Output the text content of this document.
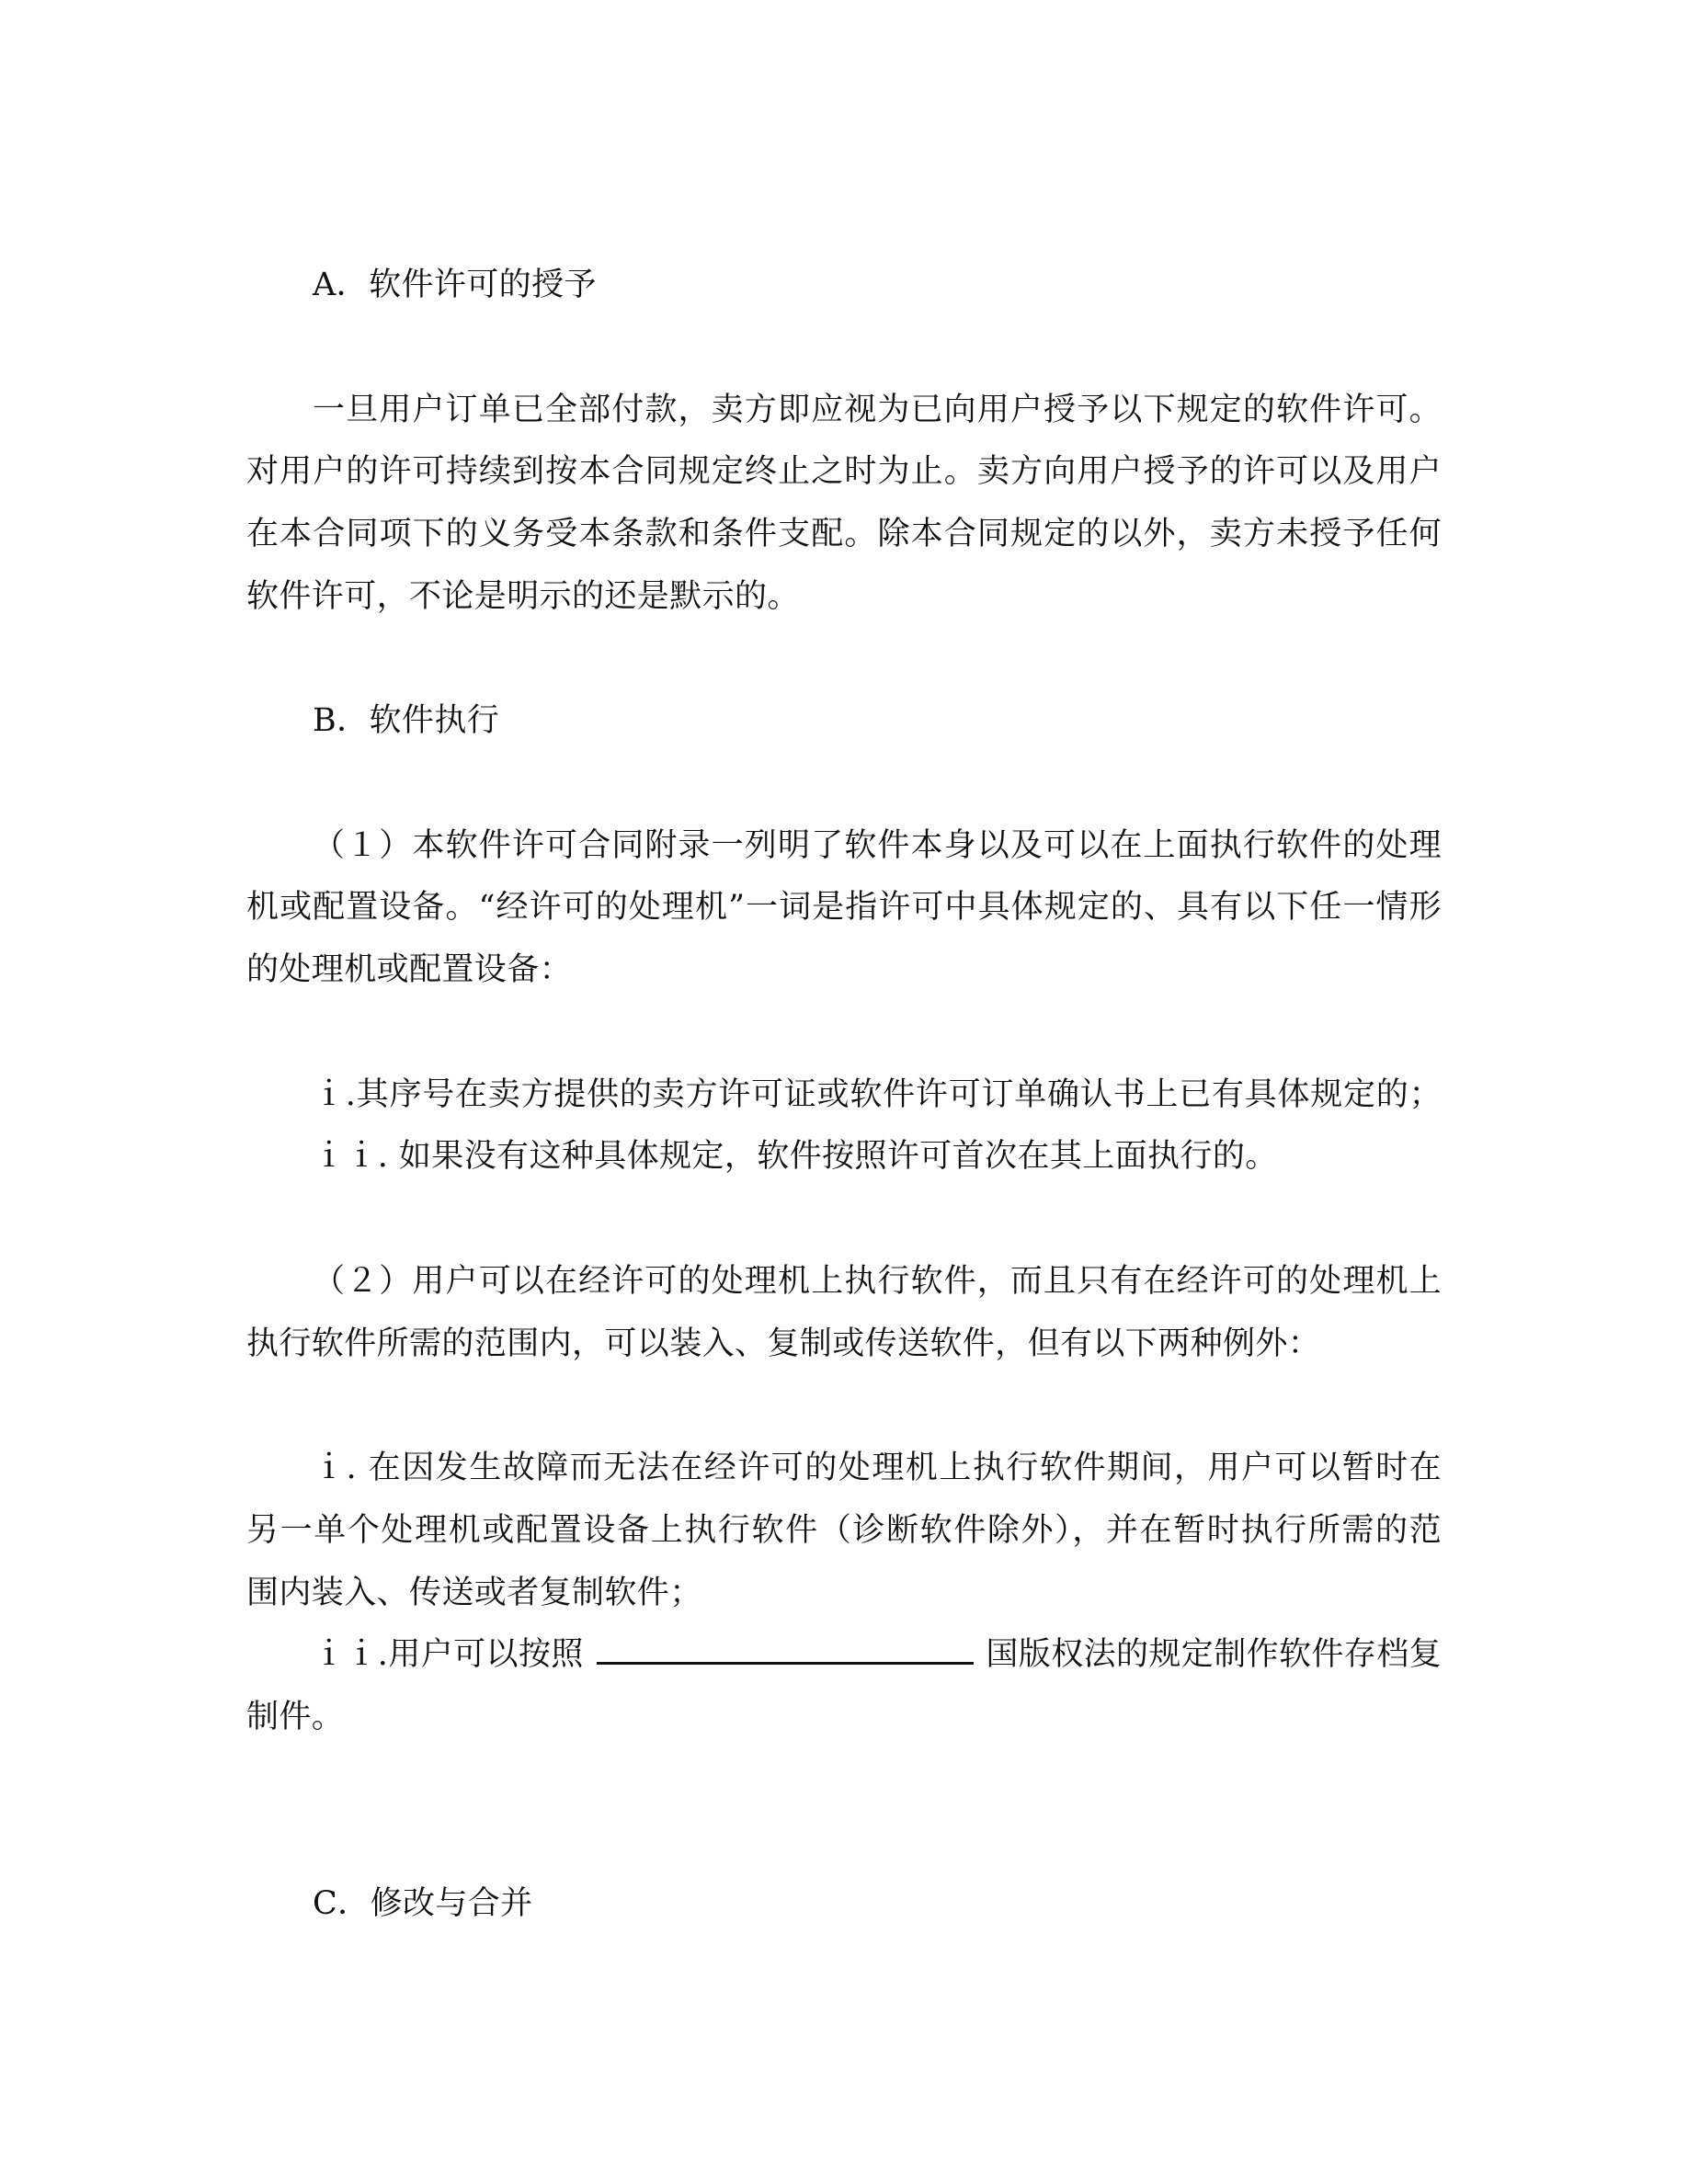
A．软件许可的授予
一旦用户订单已全部付款，卖方即应视为已向用户授予以下规定的软件许可。
对用户的许可持续到按本合同规定终止之时为止。卖方向用户授予的许可以及用户
在本合同项下的义务受本条款和条件支配。除本合同规定的以外，卖方未授予任何
软件许可，不论是明示的还是默示的。
B．软件执行
（１）本软件许可合同附录一列明了软件本身以及可以在上面执行软件的处理
机或配置设备。“经许可的处理机”一词是指许可中具体规定的、具有以下任一情形
的处理机或配置设备：
ｉ.其序号在卖方提供的卖方许可证或软件许可订单确认书上已有具体规定的；
ｉｉ. 如果没有这种具体规定，软件按照许可首次在其上面执行的。
（２）用户可以在经许可的处理机上执行软件，而且只有在经许可的处理机上
执行软件所需的范围内，可以装入、复制或传送软件，但有以下两种例外：
ｉ. 在因发生故障而无法在经许可的处理机上执行软件期间，用户可以暂时在
另一单个处理机或配置设备上执行软件（诊断软件除外），并在暂时执行所需的范
围内装入、传送或者复制软件；
ｉｉ.用户可以按照	国版权法的规定制作软件存档复
制件。
C．修改与合并
